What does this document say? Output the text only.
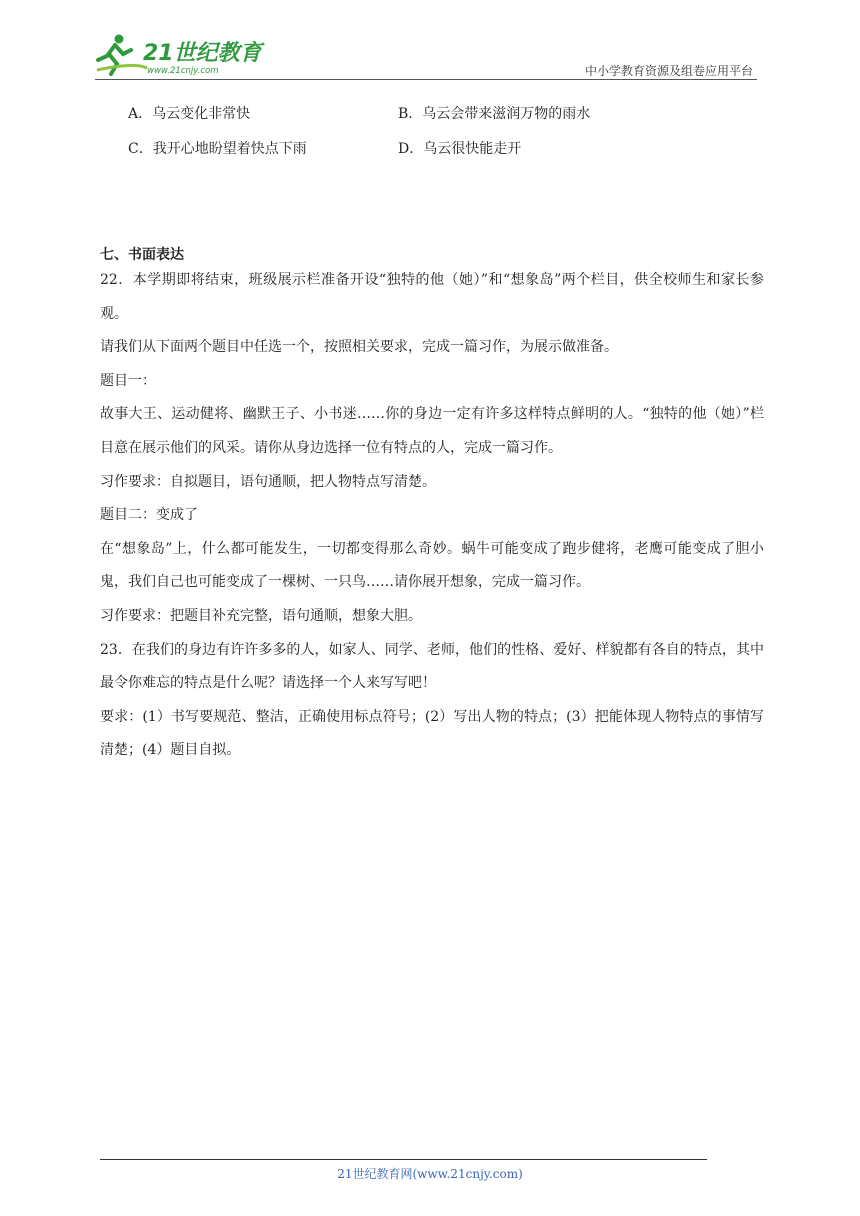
21世纪教育
www.21cnjy.com	中小学教育资源及组卷应用平台
A．乌云变化非常快	B．乌云会带来滋润万物的雨水
C．我开心地盼望着快点下雨	D．乌云很快能走开
七、书面表达

22．本学期即将结束，班级展示栏准备开设“独特的他（她）”和“想象岛”两个栏目，供全校师生和家长参观。

请我们从下面两个题目中任选一个，按照相关要求，完成一篇习作，为展示做准备。

题目一：

故事大王、运动健将、幽默王子、小书迷……你的身边一定有许多这样特点鲜明的人。“独特的他（她）”栏目意在展示他们的风采。请你从身边选择一位有特点的人，完成一篇习作。

习作要求：自拟题目，语句通顺，把人物特点写清楚。

题目二：变成了

在“想象岛”上，什么都可能发生，一切都变得那么奇妙。蜗牛可能变成了跑步健将，老鹰可能变成了胆小鬼，我们自己也可能变成了一棵树、一只鸟……请你展开想象，完成一篇习作。

习作要求：把题目补充完整，语句通顺，想象大胆。

23．在我们的身边有许许多多的人，如家人、同学、老师，他们的性格、爱好、样貌都有各自的特点，其中最令你难忘的特点是什么呢？请选择一个人来写写吧！

要求：(1）书写要规范、整洁，正确使用标点符号；(2）写出人物的特点；(3）把能体现人物特点的事情写清楚；(4）题目自拟。

21世纪教育网(www.21cnjy.com)
